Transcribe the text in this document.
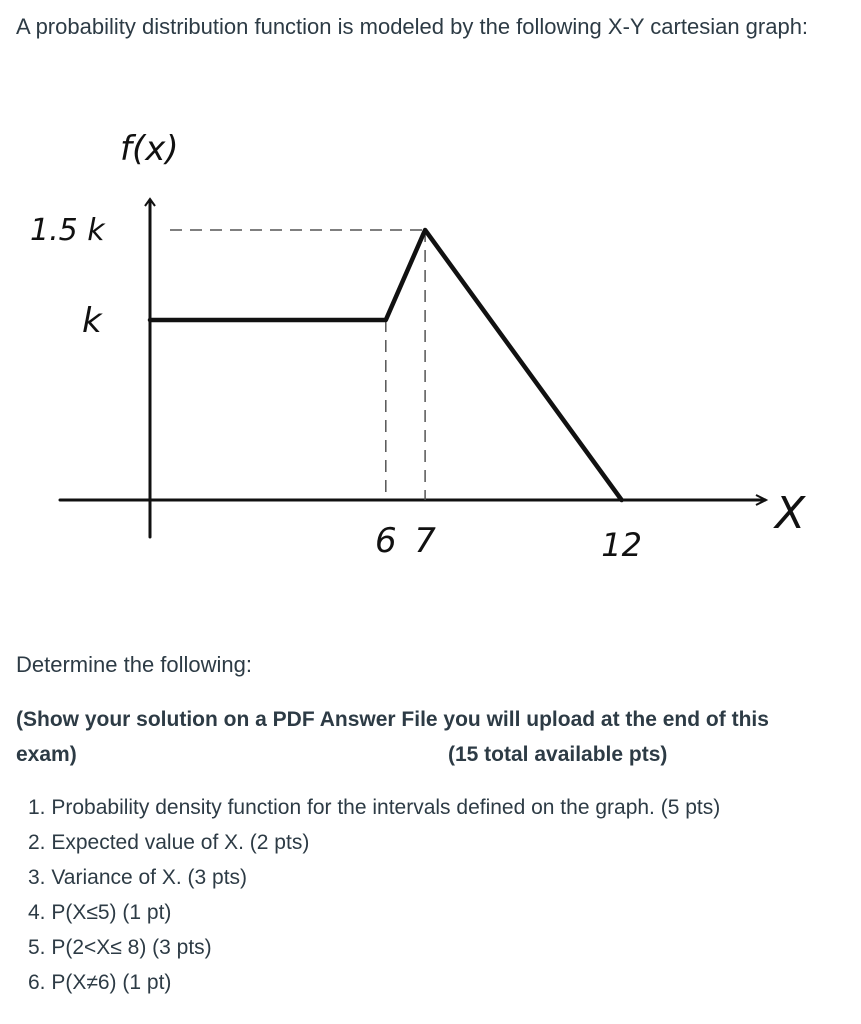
A probability distribution function is modeled by the following X-Y cartesian graph:

f(x)
X
1.5 k
k
6 7	12

Determine the following:

(Show your solution on a PDF Answer File you will upload at the end of this
exam)	(15 total available pts)

1. Probability density function for the intervals defined on the graph. (5 pts)
2. Expected value of X. (2 pts)
3. Variance of X. (3 pts)
4. P(X≤5) (1 pt)
5. P(2<X≤ 8) (3 pts)
6. P(X≠6) (1 pt)
